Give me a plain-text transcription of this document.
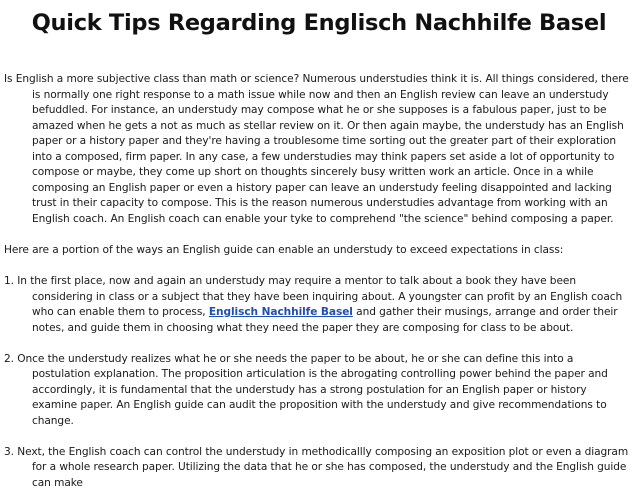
Quick Tips Regarding Englisch Nachhilfe Basel

Is English a more subjective class than math or science? Numerous understudies think it is. All things considered, there is normally one right response to a math issue while now and then an English review can leave an understudy befuddled. For instance, an understudy may compose what he or she supposes is a fabulous paper, just to be amazed when he gets a not as much as stellar review on it. Or then again maybe, the understudy has an English paper or a history paper and they're having a troublesome time sorting out the greater part of their exploration into a composed, firm paper. In any case, a few understudies may think papers set aside a lot of opportunity to compose or maybe, they come up short on thoughts sincerely busy written work an article. Once in a while composing an English paper or even a history paper can leave an understudy feeling disappointed and lacking trust in their capacity to compose. This is the reason numerous understudies advantage from working with an English coach. An English coach can enable your tyke to comprehend "the science" behind composing a paper.

Here are a portion of the ways an English guide can enable an understudy to exceed expectations in class:

1. In the first place, now and again an understudy may require a mentor to talk about a book they have been considering in class or a subject that they have been inquiring about. A youngster can profit by an English coach who can enable them to process, Englisch Nachhilfe Basel and gather their musings, arrange and order their notes, and guide them in choosing what they need the paper they are composing for class to be about.

2. Once the understudy realizes what he or she needs the paper to be about, he or she can define this into a postulation explanation. The proposition articulation is the abrogating controlling power behind the paper and accordingly, it is fundamental that the understudy has a strong postulation for an English paper or history examine paper. An English guide can audit the proposition with the understudy and give recommendations to change.

3. Next, the English coach can control the understudy in methodicallly composing an exposition plot or even a diagram for a whole research paper. Utilizing the data that he or she has composed, the understudy and the English guide can make
